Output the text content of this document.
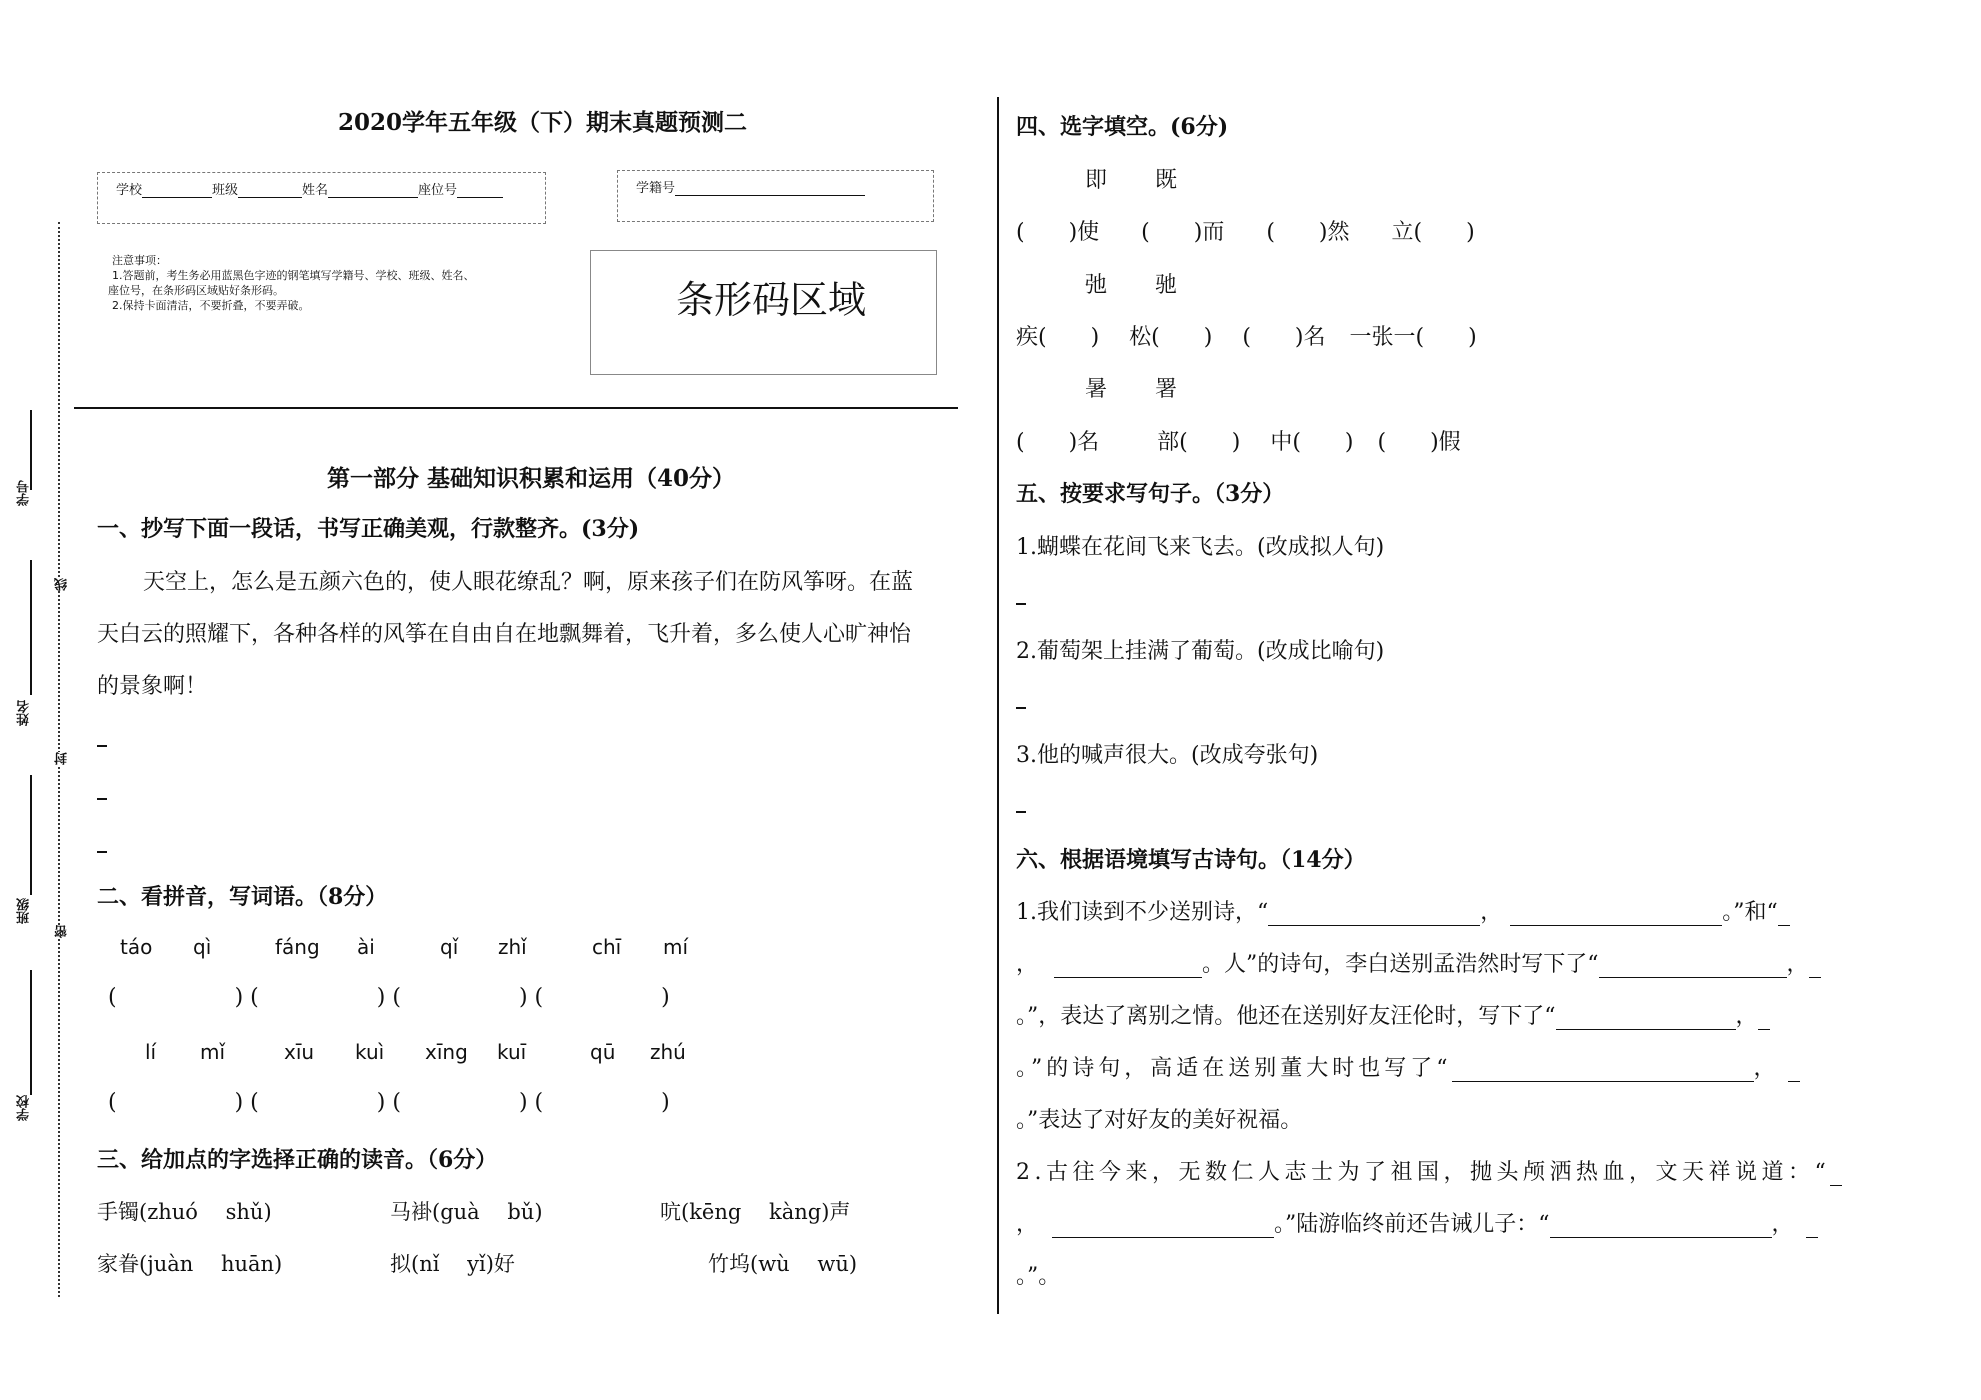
2020学年五年级（下）期末真题预测二
学校	班级	姓名	座位号	学籍号
注意事项：
1.答题前，考生务必用蓝黑色字迹的钢笔填写学籍号、学校、班级、姓名、
座位号，在条形码区域贴好条形码。
2.保持卡面清洁，不要折叠，不要弄破。	条形码区域
学号
姓名
班级
学校
线
封
密
第一部分 基础知识积累和运用（40分）
一、抄写下面一段话，书写正确美观，行款整齐。(3分)
天空上，怎么是五颜六色的，使人眼花缭乱？啊，原来孩子们在防风筝呀。在蓝
天白云的照耀下，各种各样的风筝在自由自在地飘舞着，飞升着，多么使人心旷神怡
的景象啊！
二、看拼音，写词语。（8分）
táo qì	fáng ài	qǐ zhǐ	chī mí
(	) (	) (	) (	)
lí mǐ	xīu kuì xīng kuī	qū zhú
(	) (	) (	) (	)
三、给加点的字选择正确的读音。（6分）
手镯(zhuó　 shǔ)	马褂(guà　 bǔ)	吭(kēng　 kàng)声
家眷(juàn　 huān)	拟(nǐ　 yǐ)好	竹坞(wù　 wū)
四、选字填空。(6分)
即 既
(　　)使 (　　)而 (　　)然 立(　　)
弛 驰
疾(　　) 松(　　) (　　)名 一张一(　　)
暑 署
(　　)名	部(　　) 中(　　) (　　)假
五、按要求写句子。（3分）
1.蝴蝶在花间飞来飞去。(改成拟人句)
2.葡萄架上挂满了葡萄。(改成比喻句)
3.他的喊声很大。(改成夸张句)
六、根据语境填写古诗句。（14分）
1.我们读到不少送别诗，“	，	。”和“
，	。人”的诗句，李白送别孟浩然时写下了“	，
。”，表达了离别之情。他还在送别好友汪伦时，写下了“	，
。”的诗句，高适在送别董大时也写了“	，
。”表达了对好友的美好祝福。
2.古往今来，无数仁人志士为了祖国，抛头颅洒热血，文天祥说道：“
，	。”陆游临终前还告诫儿子：“	，
。”。
